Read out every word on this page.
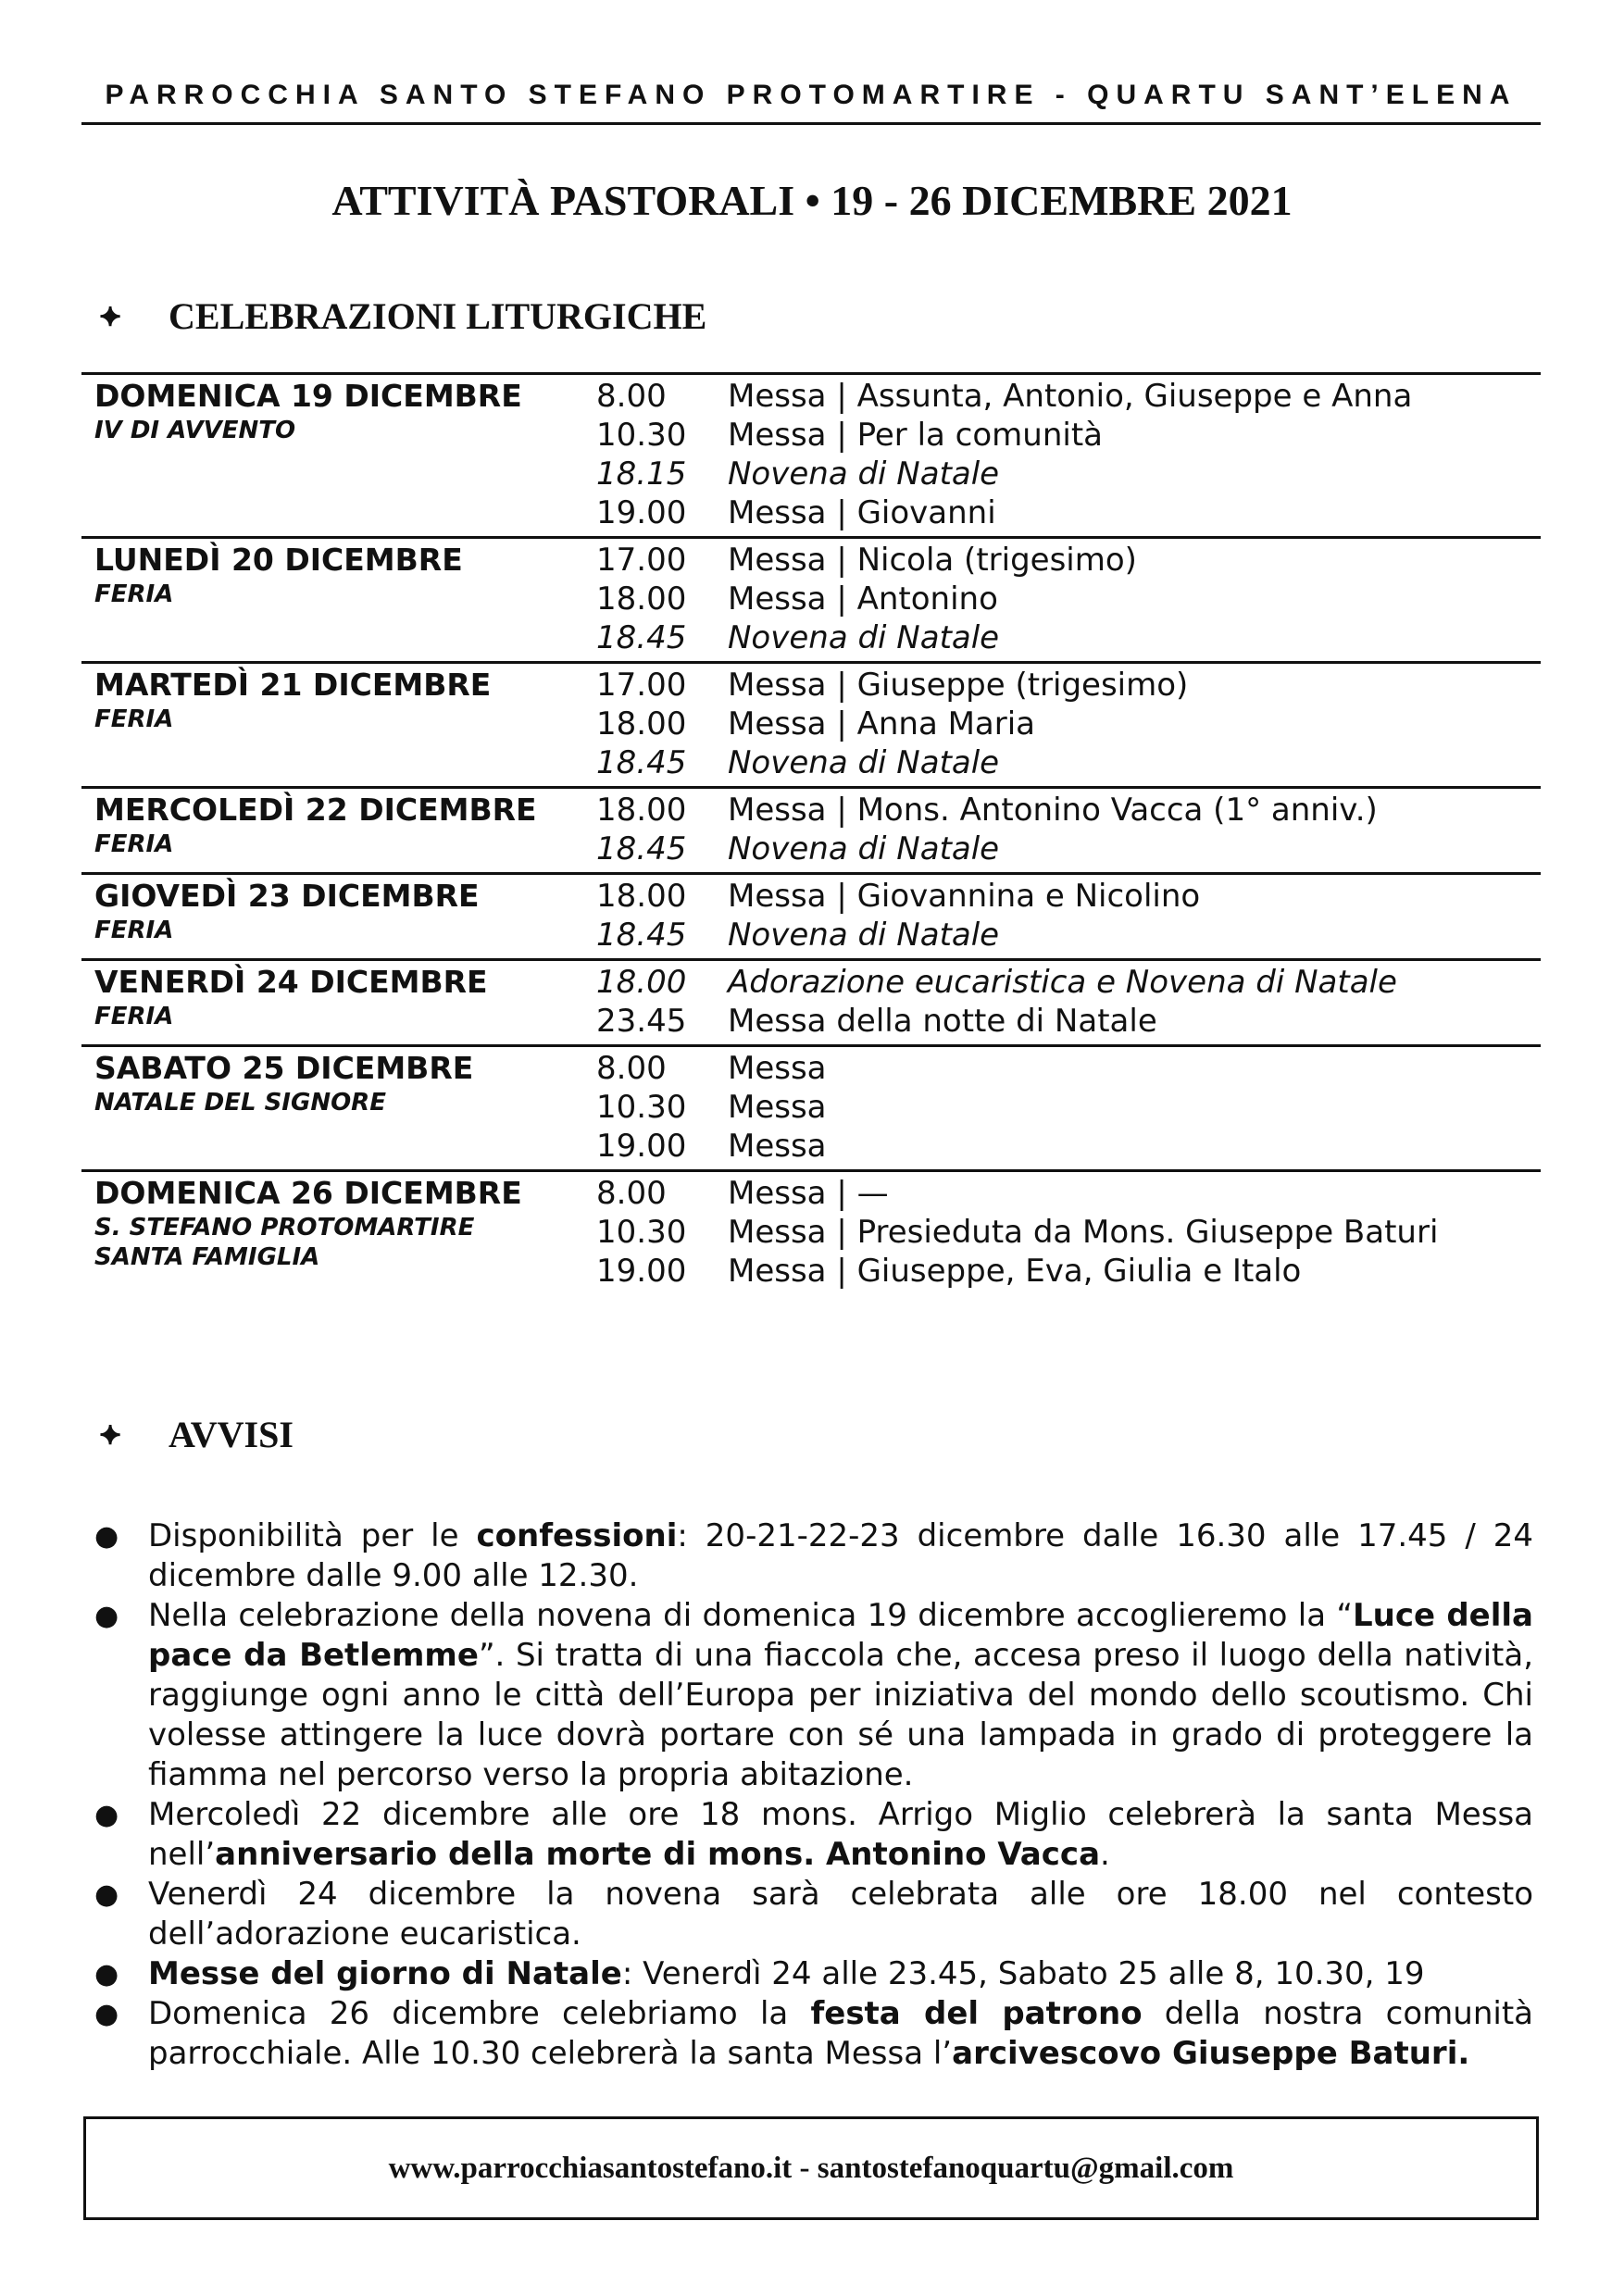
PARROCCHIA SANTO STEFANO PROTOMARTIRE - QUARTU SANT’ELENA
ATTIVITÀ PASTORALI • 19 - 26 DICEMBRE 2021
⯌	CELEBRAZIONI LITURGICHE
DOMENICA 19 DICEMBRE
IV DI AVVENTO
8.00	Messa | Assunta, Antonio, Giuseppe e Anna
10.30	Messa | Per la comunità
18.15	Novena di Natale
19.00	Messa | Giovanni
LUNEDÌ 20 DICEMBRE
FERIA
17.00	Messa | Nicola (trigesimo)
18.00	Messa | Antonino
18.45	Novena di Natale
MARTEDÌ 21 DICEMBRE
FERIA
17.00	Messa | Giuseppe (trigesimo)
18.00	Messa | Anna Maria
18.45	Novena di Natale
MERCOLEDÌ 22 DICEMBRE
FERIA
18.00	Messa | Mons. Antonino Vacca (1° anniv.)
18.45	Novena di Natale
GIOVEDÌ 23 DICEMBRE
FERIA
18.00	Messa | Giovannina e Nicolino
18.45	Novena di Natale
VENERDÌ 24 DICEMBRE
FERIA
18.00	Adorazione eucaristica e Novena di Natale
23.45	Messa della notte di Natale
SABATO 25 DICEMBRE
NATALE DEL SIGNORE
8.00	Messa
10.30	Messa
19.00	Messa
DOMENICA 26 DICEMBRE
S. STEFANO PROTOMARTIRE
SANTA FAMIGLIA
8.00	Messa | —
10.30	Messa | Presieduta da Mons. Giuseppe Baturi
19.00	Messa | Giuseppe, Eva, Giulia e Italo
⯌	AVVISI
● Disponibilità per le confessioni: 20-21-22-23 dicembre dalle 16.30 alle 17.45 / 24 dicembre dalle 9.00 alle 12.30.
● Nella celebrazione della novena di domenica 19 dicembre accoglieremo la “Luce della pace da Betlemme”. Si tratta di una fiaccola che, accesa preso il luogo della natività, raggiunge ogni anno le città dell’Europa per iniziativa del mondo dello scoutismo. Chi volesse attingere la luce dovrà portare con sé una lampada in grado di proteggere la fiamma nel percorso verso la propria abitazione.
● Mercoledì 22 dicembre alle ore 18 mons. Arrigo Miglio celebrerà la santa Messa nell’anniversario della morte di mons. Antonino Vacca.
● Venerdì 24 dicembre la novena sarà celebrata alle ore 18.00 nel contesto dell’adorazione eucaristica.
● Messe del giorno di Natale: Venerdì 24 alle 23.45, Sabato 25 alle 8, 10.30, 19
● Domenica 26 dicembre celebriamo la festa del patrono della nostra comunità parrocchiale. Alle 10.30 celebrerà la santa Messa l’arcivescovo Giuseppe Baturi.
www.parrocchiasantostefano.it - santostefanoquartu@gmail.com
